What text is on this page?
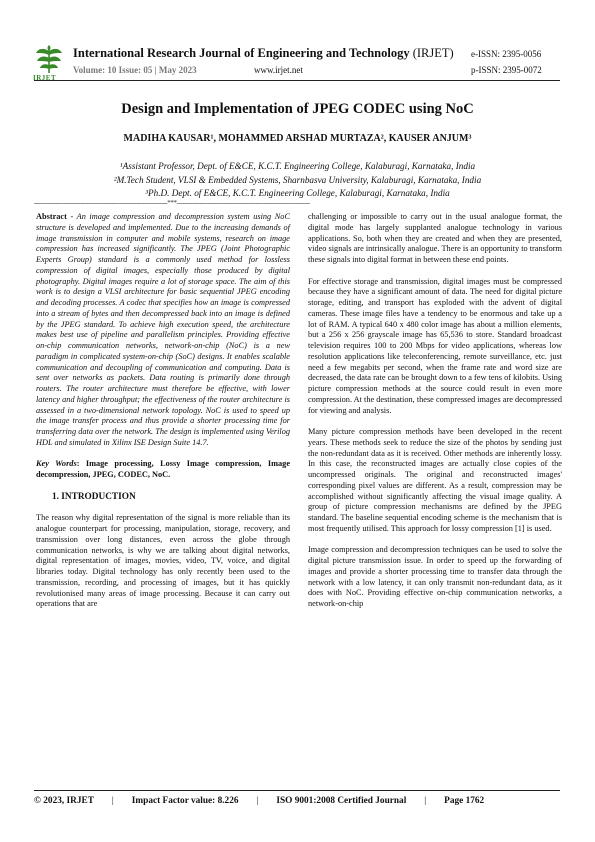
IRJET
International Research Journal of Engineering and Technology (IRJET) e-ISSN: 2395-0056
Volume: 10 Issue: 05 | May 2023	www.irjet.net	p-ISSN: 2395-0072
Design and Implementation of JPEG CODEC using NoC
MADIHA KAUSAR¹, MOHAMMED ARSHAD MURTAZA², KAUSER ANJUM³
¹Assistant Professor, Dept. of E&CE, K.C.T. Engineering College, Kalaburagi, Karnataka, India
²M.Tech Student, VLSI & Embedded Systems, Sharnbasva University, Kalaburagi, Karnataka, India
³Ph.D. Dept. of E&CE, K.C.T. Engineering College, Kalaburagi, Karnataka, India
---------------------------------------------------------------------***---------------------------------------------------------------------

Abstract - An image compression and decompression system using NoC structure is developed and implemented. Due to the increasing demands of image transmission in computer and mobile systems, research on image compression has increased significantly. The JPEG (Joint Photographic Experts Group) standard is a commonly used method for lossless compression of digital images, especially those produced by digital photography. Digital images require a lot of storage space. The aim of this work is to design a VLSI architecture for basic sequential JPEG encoding and decoding processes. A codec that specifies how an image is compressed into a stream of bytes and then decompressed back into an image is defined by the JPEG standard. To achieve high execution speed, the architecture makes best use of pipeline and parallelism principles. Providing effective on-chip communication networks, network-on-chip (NoC) is a new paradigm in complicated system-on-chip (SoC) designs. It enables scalable communication and decoupling of communication and computing. Data is sent over networks as packets. Data routing is primarily done through routers. The router architecture must therefore be effective, with lower latency and higher throughput; the effectiveness of the router architecture is assessed in a two-dimensional network topology. NoC is used to speed up the image transfer process and thus provide a shorter processing time for transferring data over the network. The design is implemented using Verilog HDL and simulated in Xilinx ISE Design Suite 14.7.

Key Words: Image processing, Lossy Image compression, Image decompression, JPEG, CODEC, NoC.

1. INTRODUCTION

The reason why digital representation of the signal is more reliable than its analogue counterpart for processing, manipulation, storage, recovery, and transmission over long distances, even across the globe through communication networks, is why we are talking about digital networks, digital representation of images, movies, video, TV, voice, and digital libraries today. Digital technology has only recently been used to the transmission, recording, and processing of images, but it has quickly revolutionised many areas of image processing. Because it can carry out operations that are

challenging or impossible to carry out in the usual analogue format, the digital mode has largely supplanted analogue technology in various applications. So, both when they are created and when they are presented, video signals are intrinsically analogue. There is an opportunity to transform these signals into digital format in between these end points.

For effective storage and transmission, digital images must be compressed because they have a significant amount of data. The need for digital picture storage, editing, and transport has exploded with the advent of digital cameras. These image files have a tendency to be enormous and take up a lot of RAM. A typical 640 x 480 color image has about a million elements, but a 256 x 256 grayscale image has 65,536 to store. Standard broadcast television requires 100 to 200 Mbps for video applications, whereas low resolution applications like teleconferencing, remote surveillance, etc. just need a few megabits per second, when the frame rate and word size are decreased, the data rate can be brought down to a few tens of kilobits. Using picture compression methods at the source could result in even more compression. At the destination, these compressed images are decompressed for viewing and analysis.

Many picture compression methods have been developed in the recent years. These methods seek to reduce the size of the photos by sending just the non-redundant data as it is received. Other methods are inherently lossy. In this case, the reconstructed images are actually close copies of the uncompressed originals. The original and reconstructed images' corresponding pixel values are different. As a result, compression may be accomplished without significantly affecting the visual image quality. A group of picture compression mechanisms are defined by the JPEG standard. The baseline sequential encoding scheme is the mechanism that is most frequently utilised. This approach for lossy compression [1] is used.

Image compression and decompression techniques can be used to solve the digital picture transmission issue. In order to speed up the forwarding of images and provide a shorter processing time to transfer data through the network with a low latency, it can only transmit non-redundant data, as it does with NoC. Providing effective on-chip communication networks, a network-on-chip

© 2023, IRJET | Impact Factor value: 8.226 | ISO 9001:2008 Certified Journal | Page 1762
